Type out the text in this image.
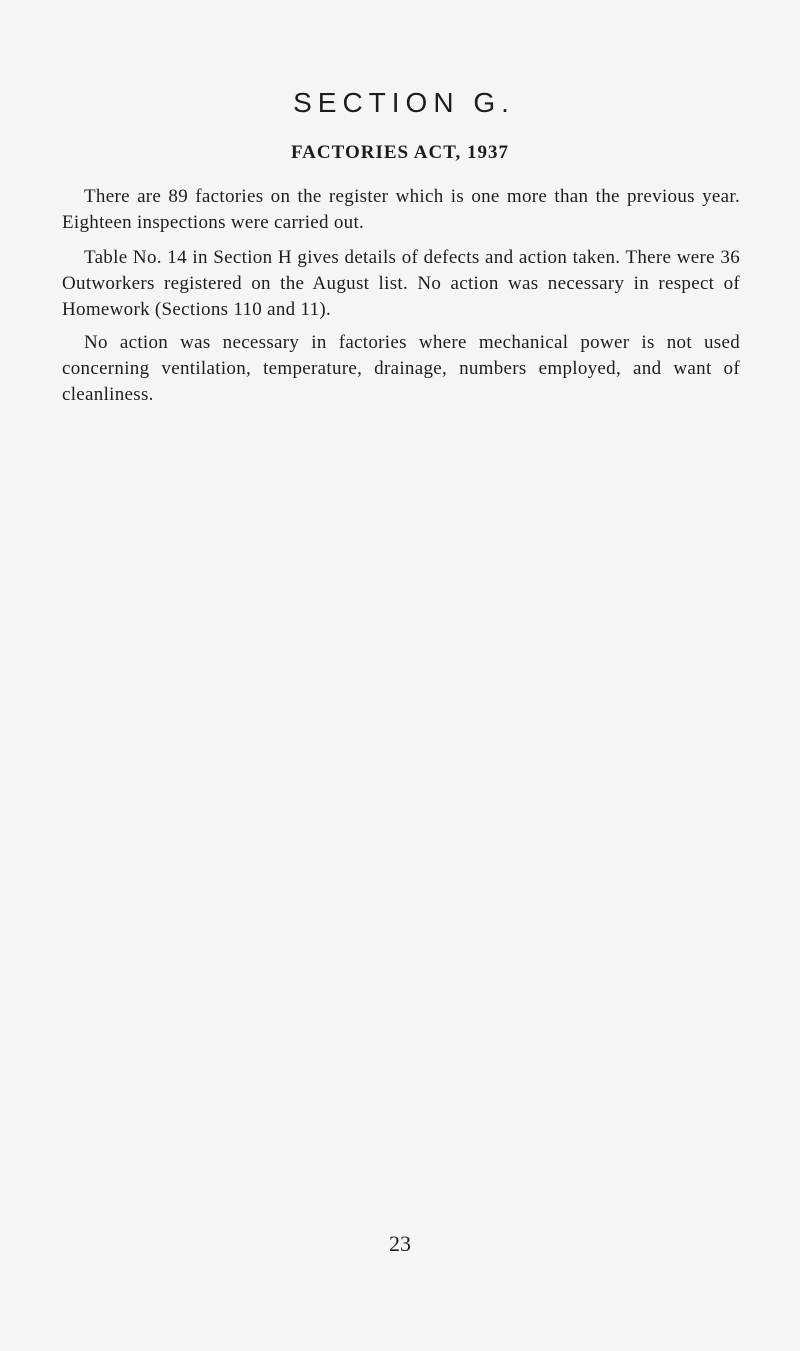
SECTION G.
FACTORIES ACT, 1937

There are 89 factories on the register which is one more than the previous year. Eighteen inspections were carried out.

Table No. 14 in Section H gives details of defects and action taken. There were 36 Outworkers registered on the August list. No action was necessary in respect of Homework (Sections 110 and 11).

No action was necessary in factories where mechanical power is not used concerning ventilation, temperature, drainage, numbers employed, and want of cleanliness.

23
